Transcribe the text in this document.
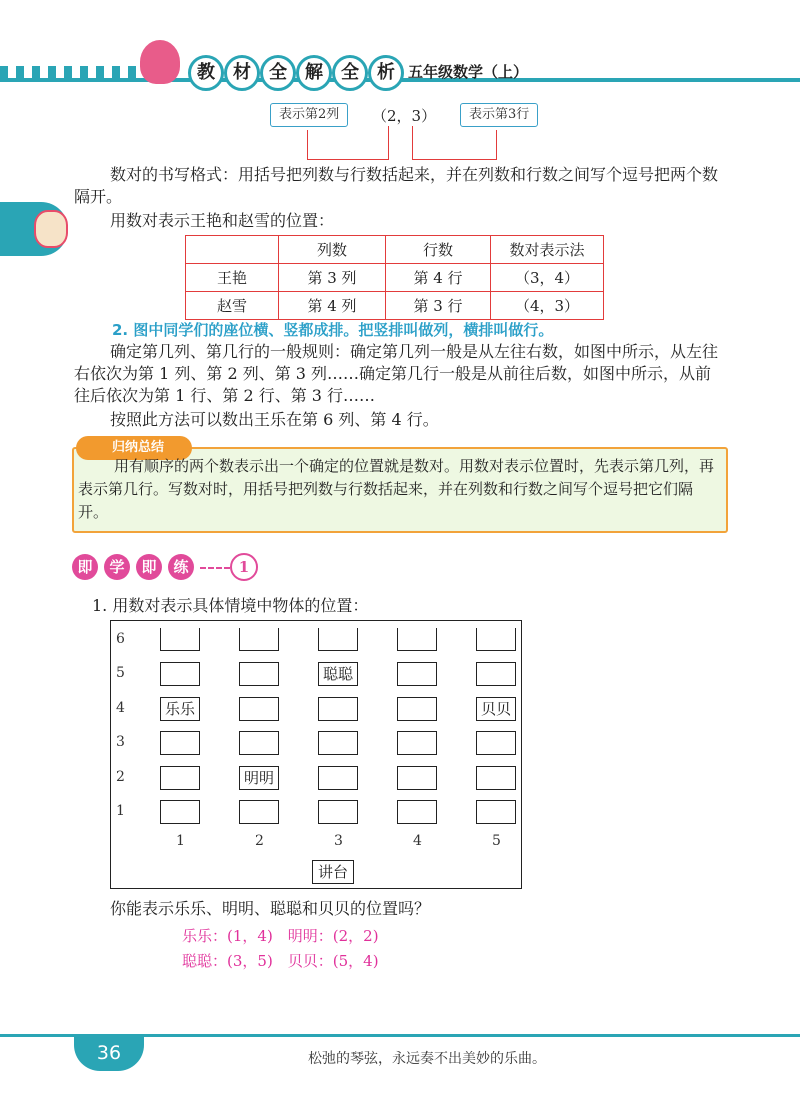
教	材	全	解	全	析 五年级数学（上）
表示第2列	（2，3）	表示第3行
数对的书写格式：用括号把列数与行数括起来，并在列数和行数之间写个逗号把两个数隔开。
用数对表示王艳和赵雪的位置：
	列数	行数	数对表示法
王艳	第 3 列	第 4 行	（3，4）
赵雪	第 4 列	第 3 行	（4，3）
2. 图中同学们的座位横、竖都成排。把竖排叫做列，横排叫做行。
确定第几列、第几行的一般规则：确定第几列一般是从左往右数，如图中所示，从左往右依次为第 1 列、第 2 列、第 3 列……确定第几行一般是从前往后数，如图中所示，从前往后依次为第 1 行、第 2 行、第 3 行……
按照此方法可以数出王乐在第 6 列、第 4 行。
归纳总结
用有顺序的两个数表示出一个确定的位置就是数对。用数对表示位置时，先表示第几列，再表示第几行。写数对时，用括号把列数与行数括起来，并在列数和行数之间写个逗号把它们隔开。
即 学 即 练	1
1. 用数对表示具体情境中物体的位置：
6
5	聪聪
4	乐乐	贝贝
3
2	明明
1
1	2	3	4	5
讲台
你能表示乐乐、明明、聪聪和贝贝的位置吗？
乐乐：(1，4)　明明：(2，2)
聪聪：(3，5)　贝贝：(5，4)
36	松弛的琴弦，永远奏不出美妙的乐曲。
